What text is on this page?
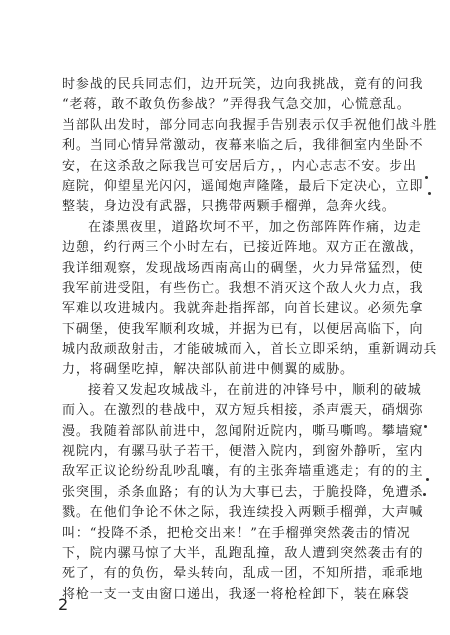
时参战的民兵同志们，边开玩笑，边向我挑战，竟有的问我
“老蒋，敢不敢负伤参战？”弄得我气急交加，心慌意乱。
当部队出发时，部分同志向我握手告别表示仅手祝他们战斗胜
利。当同心情异常激动，夜幕来临之后，我徘徊室内坐卧不
安，在这杀敌之际我岂可安居后方，，内心志志不安。步出
庭院，仰望星光闪闪，遥闻炮声隆隆，最后下定决心，立即
整装，身边没有武器，只携带两颗手榴弹，急奔火线。
在漆黑夜里，道路坎坷不平，加之伤部阵阵作痛，边走
边憩，约行两三个小时左右，已接近阵地。双方正在激战，
我详细观察，发现战场西南高山的碉堡，火力异常猛烈，使
我军前进受阻，有些伤亡。我想不消灭这个敌人火力点，我
军难以攻进城内。我就奔赴指挥部，向首长建议。必须先拿
下碉堡，使我军顺利攻城，并据为已有，以便居高临下，向
城内敌顽敌射击，才能破城而入，首长立即采纳，重新调动兵
力，将碉堡吃掉，解决部队前进中侧翼的威胁。
接着又发起攻城战斗，在前进的冲锋号中，顺利的破城
而入。在激烈的巷战中，双方短兵相接，杀声震天，硝烟弥
漫。我随着部队前进中，忽闻附近院内，嘶马嘶鸣。攀墙窥
视院内，有骡马驮子若干，便潜入院内，到窗外静听，室内
敌军正议论纷纷乱吵乱嚷，有的主张奔墙重逃走；有的的主
张突围，杀条血路；有的认为大事已去，于脆投降，免遭杀
戮。在他们争论不休之际，我连续投入两颗手榴弹，大声喊
叫：“投降不杀，把枪交出来！”在手榴弹突然袭击的情况
下，院内骡马惊了大半，乱跑乱撞，敌人遭到突然袭击有的
死了，有的负伤，晕头转向，乱成一团，不知所措，乖乖地
将枪一支一支由窗口递出，我逐一将枪栓卸下，装在麻袋
2
